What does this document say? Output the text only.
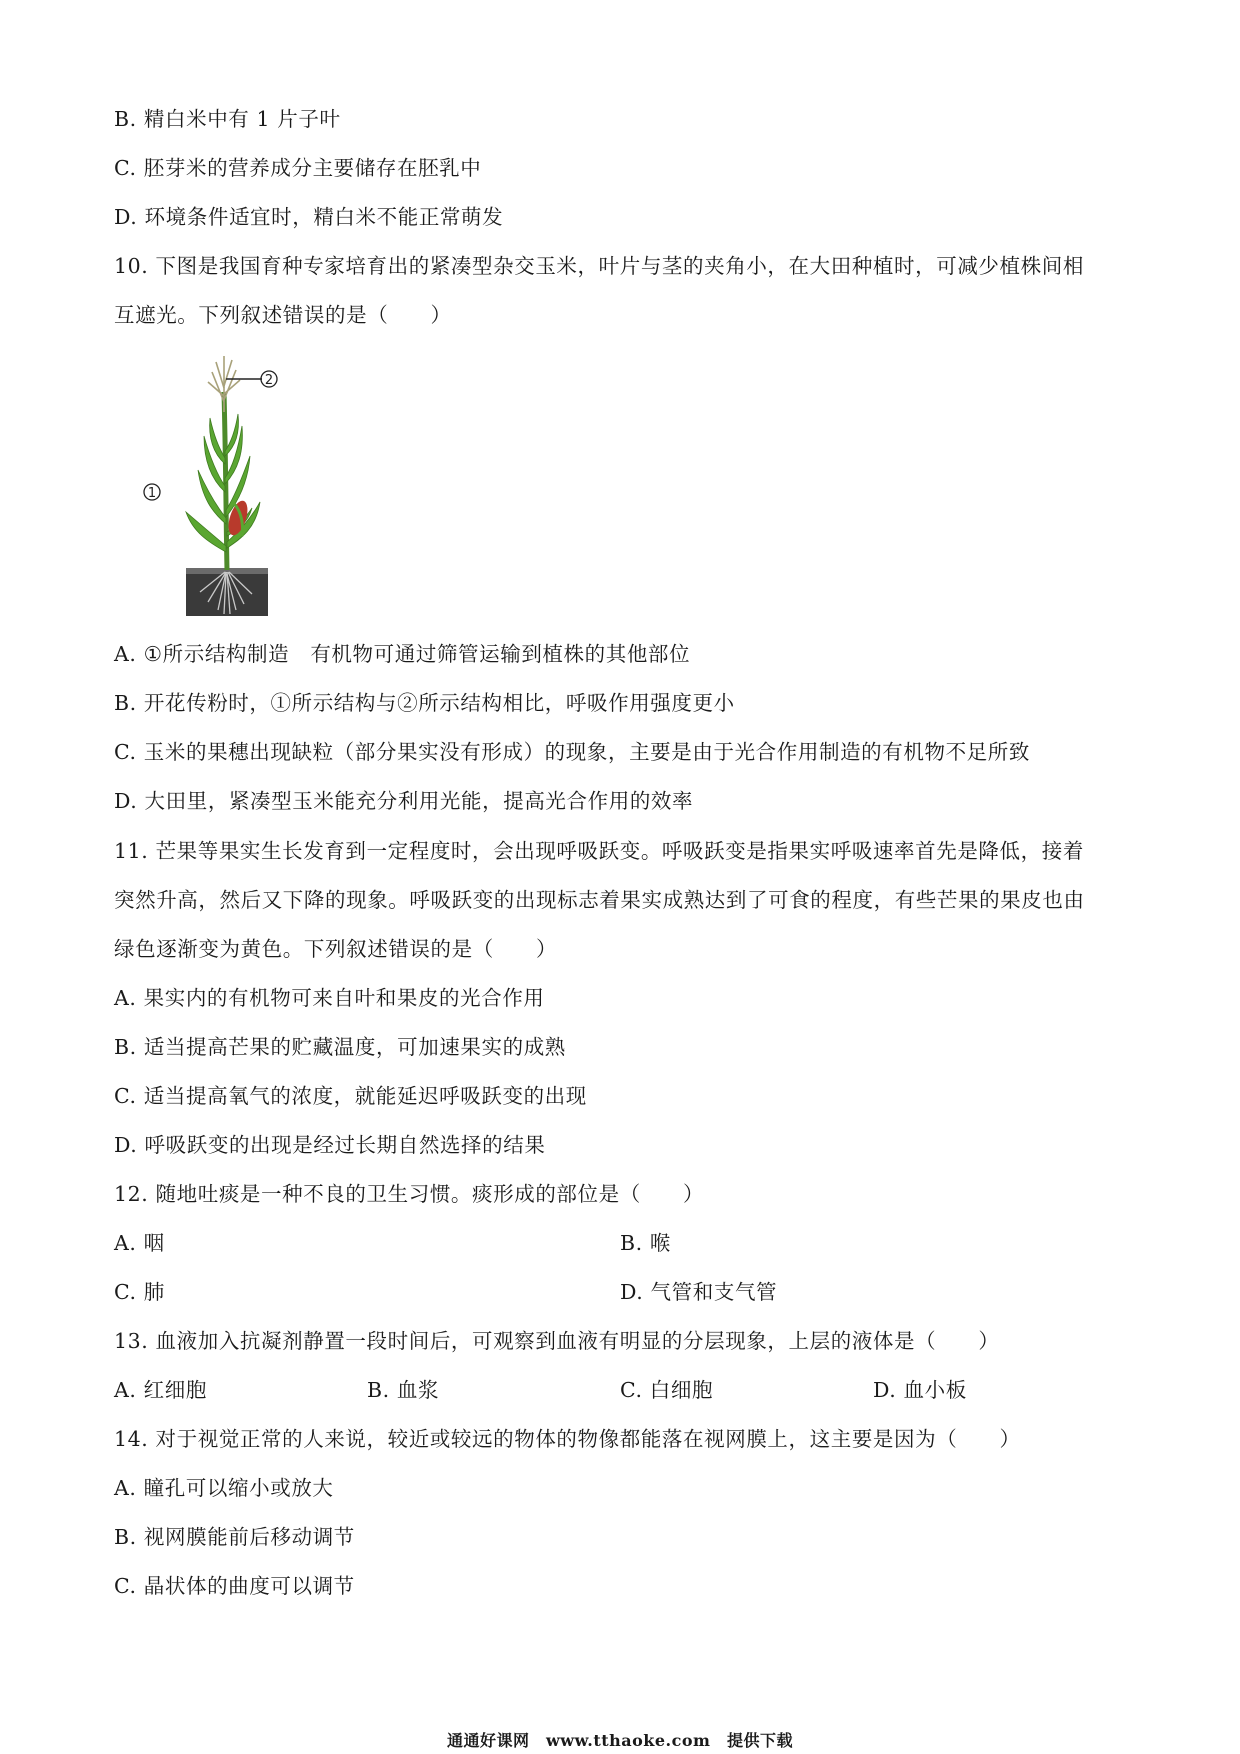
B. 精白米中有 1 片子叶
C. 胚芽米的营养成分主要储存在胚乳中
D. 环境条件适宜时，精白米不能正常萌发
10. 下图是我国育种专家培育出的紧凑型杂交玉米，叶片与茎的夹角小，在大田种植时，可减少植株间相
互遮光。下列叙述错误的是（　　）
2
1
A. ①所示结构制造　有机物可通过筛管运输到植株的其他部位
B. 开花传粉时，①所示结构与②所示结构相比，呼吸作用强度更小
C. 玉米的果穗出现缺粒（部分果实没有形成）的现象，主要是由于光合作用制造的有机物不足所致
D. 大田里，紧凑型玉米能充分利用光能，提高光合作用的效率
11. 芒果等果实生长发育到一定程度时，会出现呼吸跃变。呼吸跃变是指果实呼吸速率首先是降低，接着
突然升高，然后又下降的现象。呼吸跃变的出现标志着果实成熟达到了可食的程度，有些芒果的果皮也由
绿色逐渐变为黄色。下列叙述错误的是（　　）
A. 果实内的有机物可来自叶和果皮的光合作用
B. 适当提高芒果的贮藏温度，可加速果实的成熟
C. 适当提高氧气的浓度，就能延迟呼吸跃变的出现
D. 呼吸跃变的出现是经过长期自然选择的结果
12. 随地吐痰是一种不良的卫生习惯。痰形成的部位是（　　）
A. 咽	B. 喉
C. 肺	D. 气管和支气管
13. 血液加入抗凝剂静置一段时间后，可观察到血液有明显的分层现象，上层的液体是（　　）
A. 红细胞	B. 血浆	C. 白细胞	D. 血小板
14. 对于视觉正常的人来说，较近或较远的物体的物像都能落在视网膜上，这主要是因为（　　）
A. 瞳孔可以缩小或放大
B. 视网膜能前后移动调节
C. 晶状体的曲度可以调节
通通好课网　www.tthaoke.com　提供下载
